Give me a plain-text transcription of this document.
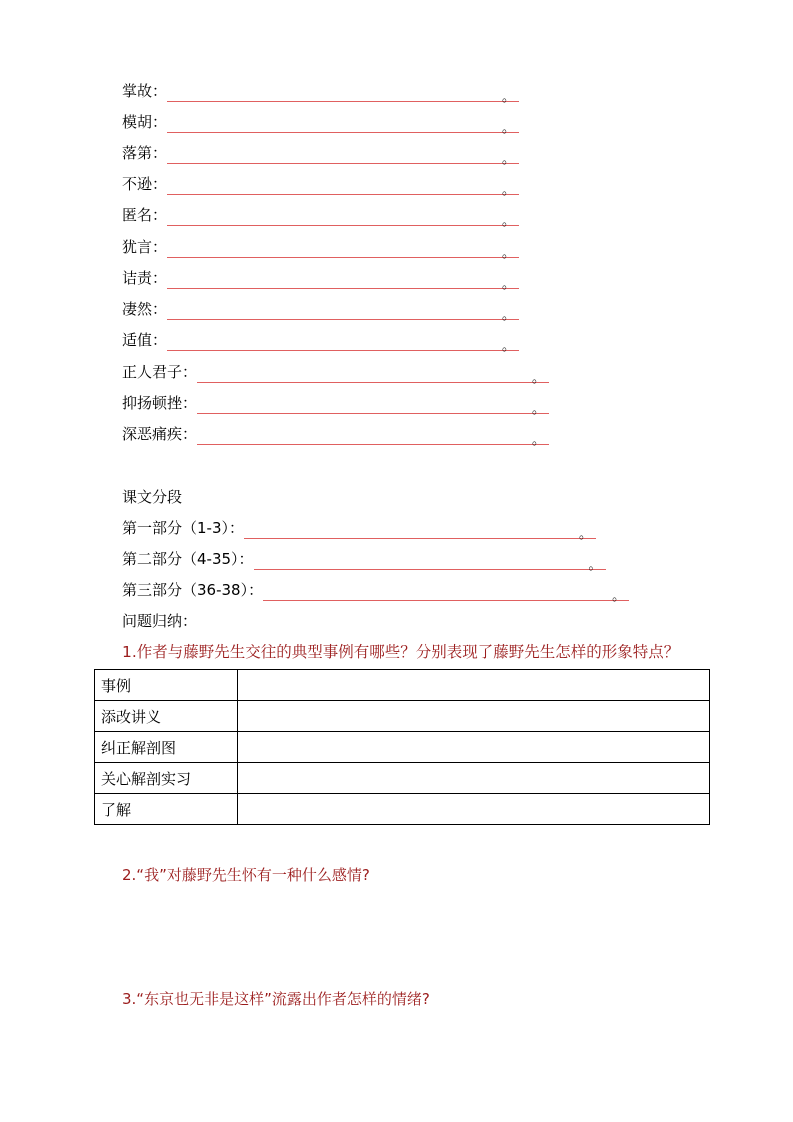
掌故：	。
模胡：	。
落第：	。
不逊：	。
匿名：	。
犹言：	。
诘责：	。
凄然：	。
适值：	。
正人君子：	。
抑扬顿挫：	。
深恶痛疾：	。
课文分段
第一部分（1-3）：	。
第二部分（4-35）：	。
第三部分（36-38）：	。
问题归纳：
1.作者与藤野先生交往的典型事例有哪些？分别表现了藤野先生怎样的形象特点？
事例	
添改讲义	
纠正解剖图	
关心解剖实习	
了解	
2.“我”对藤野先生怀有一种什么感情?
3.“东京也无非是这样”流露出作者怎样的情绪?
